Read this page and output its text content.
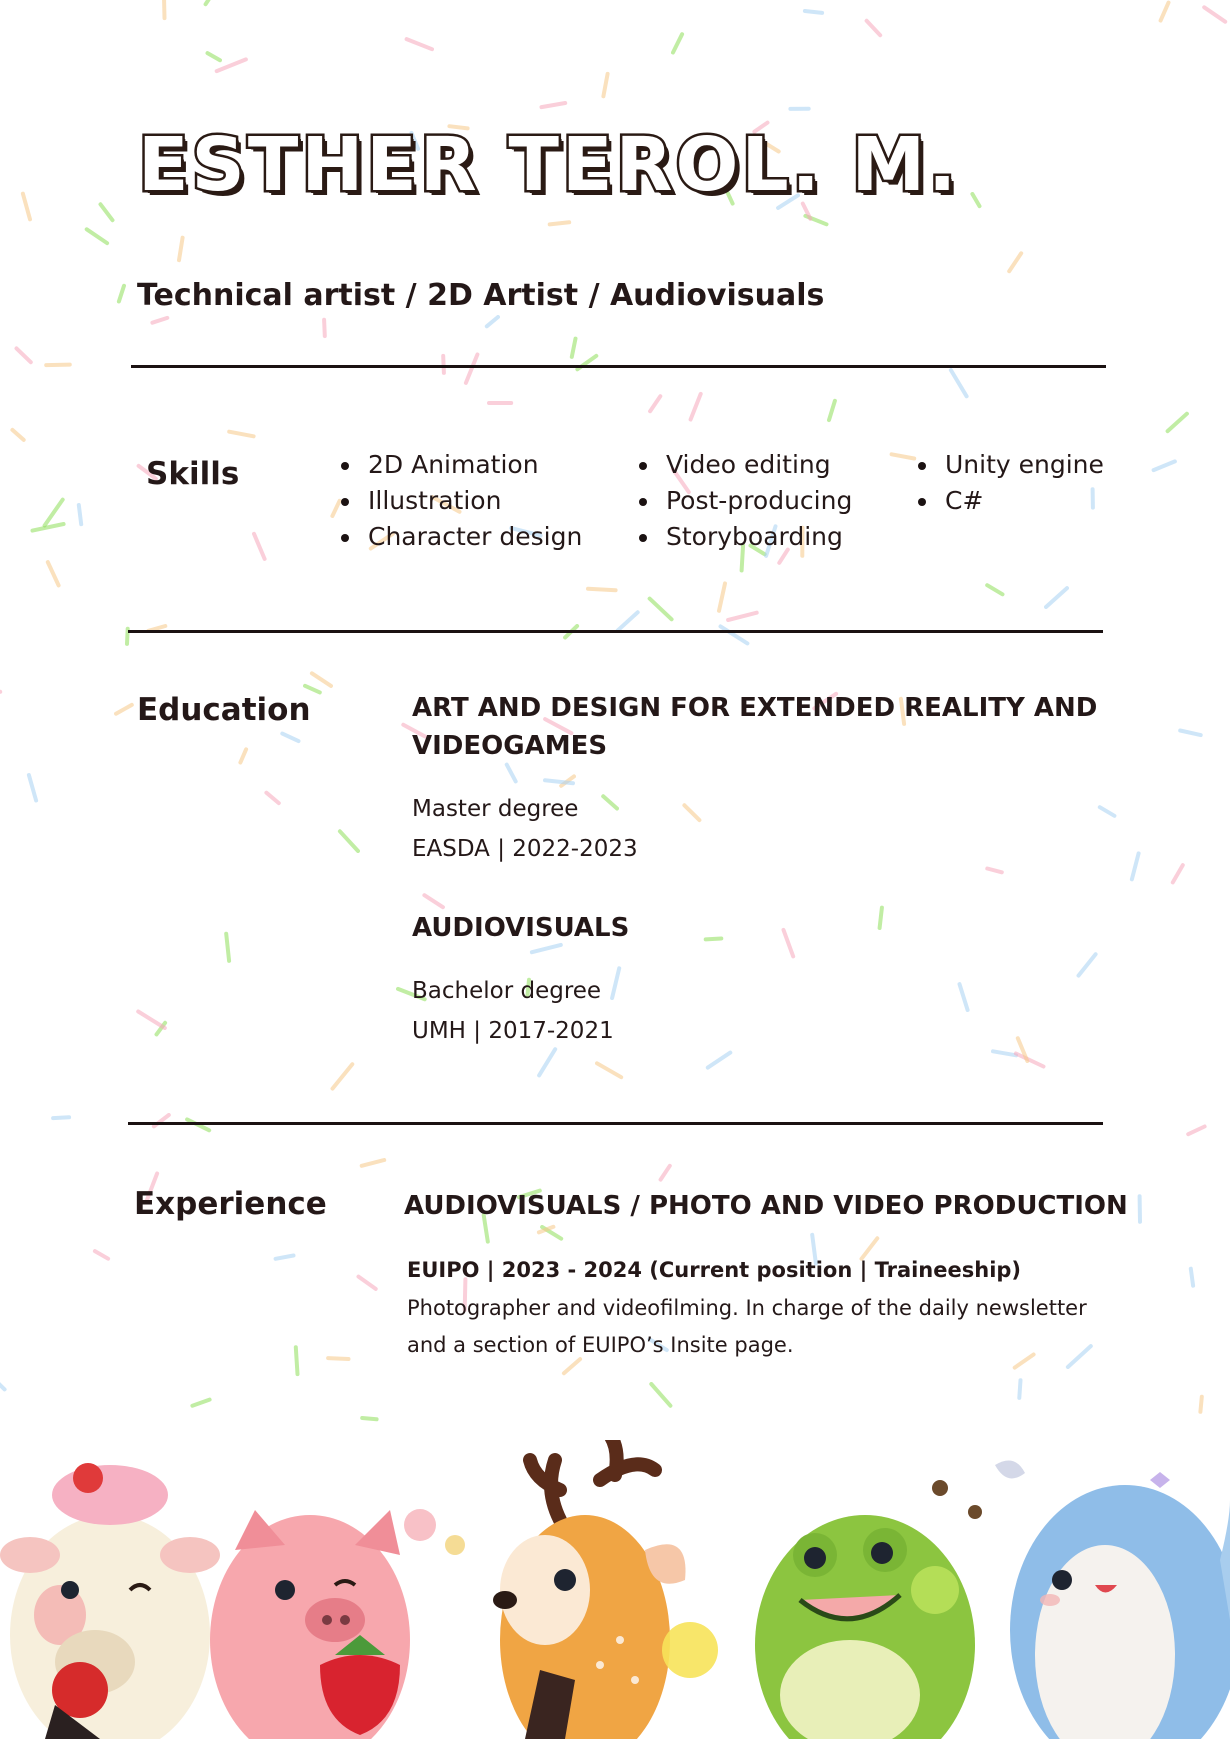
ESTHER TEROL. M.
Technical artist / 2D Artist / Audiovisuals
Skills	2D Animation
Illustration
Character design
Video editing
Post-producing
Storyboarding
Unity engine
C#
Education	ART AND DESIGN FOR EXTENDED REALITY AND VIDEOGAMES

Master degree

EASDA | 2022-2023

AUDIOVISUALS

Bachelor degree

UMH | 2017-2021

Experience	AUDIOVISUALS / PHOTO AND VIDEO PRODUCTION

EUIPO | 2023 - 2024 (Current position | Traineeship)

Photographer and videofilming. In charge of the daily newsletter and a section of EUIPO’s Insite page.
